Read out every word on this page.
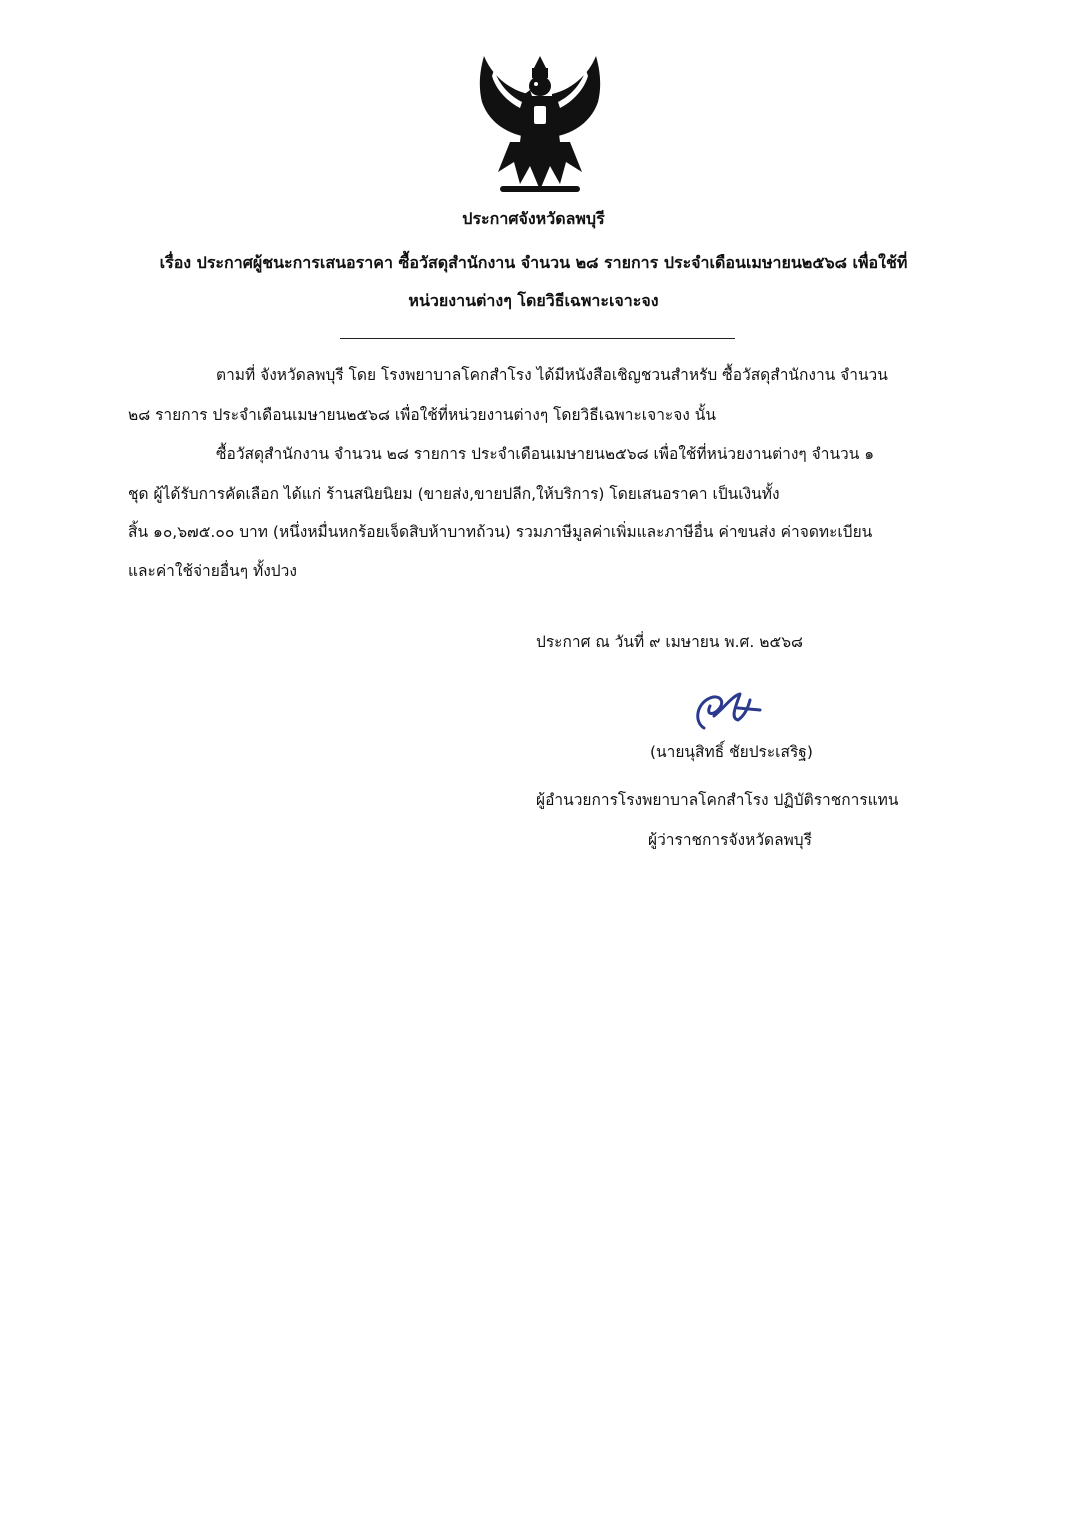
ประกาศจังหวัดลพบุรี
เรื่อง ประกาศผู้ชนะการเสนอราคา ซื้อวัสดุสำนักงาน จำนวน ๒๘ รายการ ประจำเดือนเมษายน๒๕๖๘ เพื่อใช้ที่
หน่วยงานต่างๆ โดยวิธีเฉพาะเจาะจง
ตามที่ จังหวัดลพบุรี โดย โรงพยาบาลโคกสำโรง ได้มีหนังสือเชิญชวนสำหรับ ซื้อวัสดุสำนักงาน จำนวน
๒๘ รายการ ประจำเดือนเมษายน๒๕๖๘ เพื่อใช้ที่หน่วยงานต่างๆ โดยวิธีเฉพาะเจาะจง นั้น
ซื้อวัสดุสำนักงาน จำนวน ๒๘ รายการ ประจำเดือนเมษายน๒๕๖๘ เพื่อใช้ที่หน่วยงานต่างๆ จำนวน ๑
ชุด ผู้ได้รับการคัดเลือก ได้แก่ ร้านสนิยนิยม (ขายส่ง,ขายปลีก,ให้บริการ) โดยเสนอราคา เป็นเงินทั้ง
สิ้น ๑๐,๖๗๕.๐๐ บาท (หนึ่งหมื่นหกร้อยเจ็ดสิบห้าบาทถ้วน) รวมภาษีมูลค่าเพิ่มและภาษีอื่น ค่าขนส่ง ค่าจดทะเบียน
และค่าใช้จ่ายอื่นๆ ทั้งปวง
ประกาศ ณ วันที่ ๙ เมษายน พ.ศ. ๒๕๖๘
(นายนุสิทธิ์ ชัยประเสริฐ)
ผู้อำนวยการโรงพยาบาลโคกสำโรง ปฏิบัติราชการแทน
ผู้ว่าราชการจังหวัดลพบุรี
